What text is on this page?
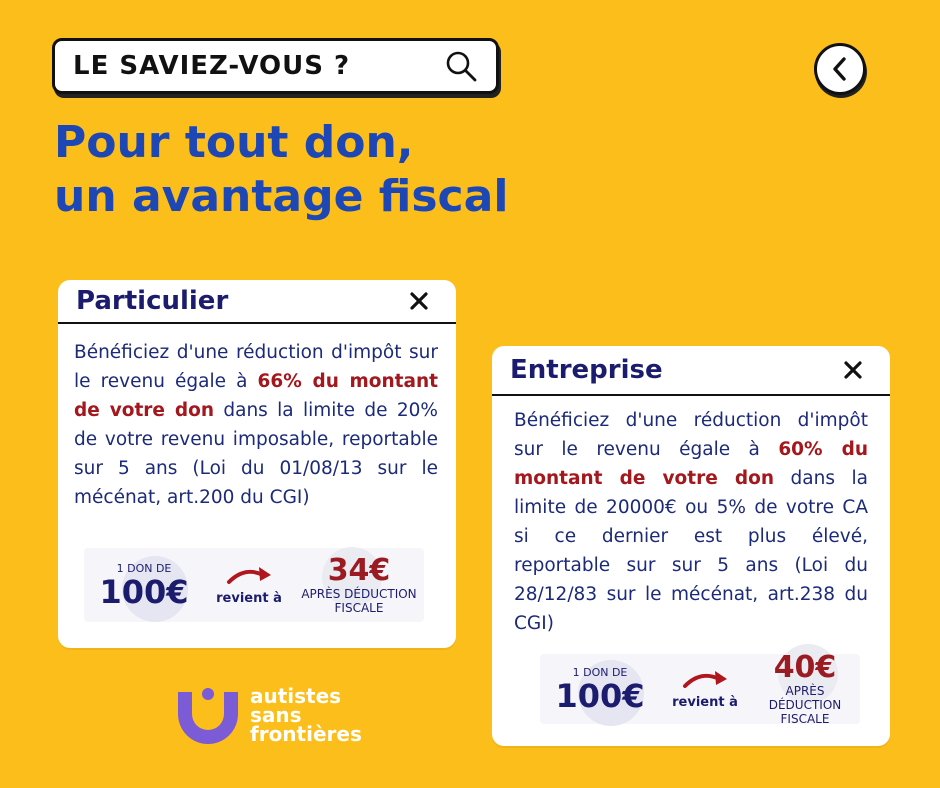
LE SAVIEZ-VOUS ?
Pour tout don,
un avantage fiscal
Particulier

Bénéficiez d'une réduction d'impôt sur le revenu égale à 66% du montant de votre don dans la limite de 20% de votre revenu imposable, reportable sur 5 ans (Loi du 01/08/13 sur le mécénat, art.200 du CGI)

1 DON DE
100€	revient à
34€
APRÈS DÉDUCTION
FISCALE
Entreprise

Bénéficiez d'une réduction d'impôt sur le revenu égale à 60% du montant de votre don dans la limite de 20000€ ou 5% de votre CA si ce dernier est plus élevé, reportable sur sur 5 ans (Loi du 28/12/83 sur le mécénat, art.238 du CGI)

1 DON DE
100€	revient à
40€
APRÈS DÉDUCTION
FISCALE
autistes
sans
frontières
